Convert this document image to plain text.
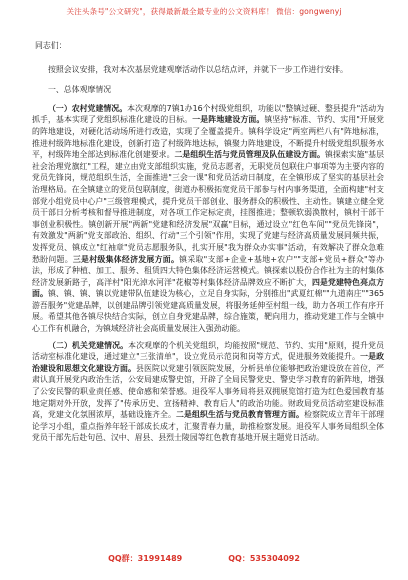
关注头条号"公文研究"，获得最新最全最专业的公文资料库！ 微信：gongwenyj
同志们：

按照会议安排，我对本次基层党建观摩活动作以总结点评，并就下一步工作进行安排。

一、总体观摩情况

（一）农村党建情况。本次观摩的7镇1办16个村级党组织，功能以"整镇过硬、整县提升"活动为抓手，基本实现了党组织标准化建设的目标。一是阵地建设方面。镇坚持"标准、节约、实用"开展党的阵地建设，对硬化活动场所进行改造，实现了全覆盖提升。镇科学设定"两室两栏八有"阵地标准，推进村级阵地标准化建设，创新打造了村级阵地达标，镇聚力阵地建设，不断提升村级党组织服务水平，村级阵地全部达到标准化创建要求。二是组织生活与党员管理及队伍建设方面。镇探索实施"基层社会治理党旗红"工程，建立由党支部组织实施，党员志愿者，无职党员包联住户事项等为主要内容的党员先锋岗，规范组织生活，全面推进"三会一课"和党员活动日制度，在全镇形成了坚实的基层社会治理格局。在全镇建立的党员包联制度，街道办积极拓宽党员干部参与村内事务渠道，全面构建"村支部党小组党员中心户"三级管理模式，提升党员干部创业、服务群众的积极性、主动性。镇建立健全党员干部日分析考核和督导推进制度，对各项工作定标定责，挂图推进；整顿软弱涣散村，镇村干部干事创业积极性。镇创新开展"两新"党建和经济发展"双赢"目标，通过设立"红色车间""党员先锋岗"，有效激发"两新"党支部政治、组织、行动"三个引领"作用，实现了党建与经济高质量发展同频共振，发挥党员、镇成立"红袖章"党员志愿服务队，扎实开展"我为群众办实事"活动，有效解决了群众急难愁盼问题。三是村级集体经济发展方面。镇采取"支部+企业+基地+农户""支部+党员+群众"等办法，形成了种植、加工、服务、租赁四大特色集体经济运营模式。镇探索以股份合作社为主的村集体经济发展新路子，高洋村"阳光淖水河洋"花椒等村集体经济品牌效应不断扩大，四是党建特色亮点方面。镇、镇、镇、镇以党建带队伍建设为核心，立足自身实际，分别推出"武夏红棉""九道南庄""365游吾服务"党建品牌，以创建品牌引领党建高质量发展，将服务延伸至村组一线，助力各项工作有序开展。希望其他各镇尽快结合实际，创立自身党建品牌，综合施策，靶向用力，推动党建工作与全镇中心工作有机融合，为镇域经济社会高质量发展注入强劲动能。

（二）机关党建情况。本次观摩的个机关党组织，均能按照"规范、节约、实用"原则，提升党员活动室标准化建设，通过建立"三张清单"，设立党员示范岗和岗等方式，促进服务效能提升。一是政治建设和思想文化建设方面。县医院以党建引领医院发展，分析县单位能够把政治建设放在首位，严肃认真开展党内政治生活，公安局建成警史馆，开辟了全局民警党史、警史学习教育的新阵地，增强了公安民警的职业责任感、使命感和荣誉感。退役军人事务局将县双拥展览馆打造为红色爱国教育基地定期对外开放，发挥了"传承历史、宣扬精神、教育后人"的政治功能。财政局党员活动室建设标准高，党建文化氛围浓厚，基础设施齐全。二是组织生活与党员教育管理方面。检察院成立青年干部理论学习小组，重点指养年轻干部成长成才，汇聚青春力量，助推检察发展。退役军人事务局组织全体党员干部先后赴句邑、汉中、眉县、县烈士陵园等红色教育基地开展主题党日活动。

QQ群：31991489	QQ：535304092
